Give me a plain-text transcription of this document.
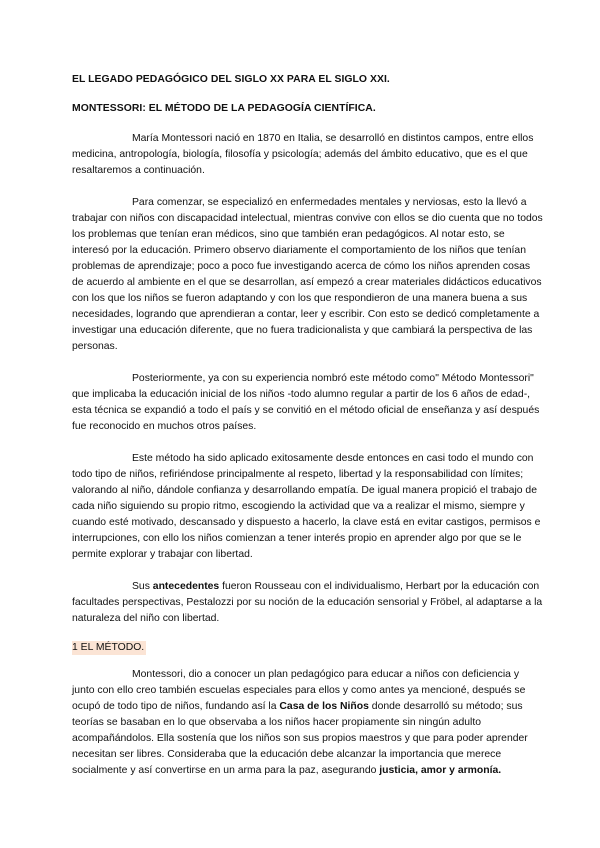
EL LEGADO PEDAGÓGICO DEL SIGLO XX PARA EL SIGLO XXI.
MONTESSORI: EL MÉTODO DE LA PEDAGOGÍA CIENTÍFICA.

María Montessori nació en 1870 en Italia, se desarrolló en distintos campos, entre ellos medicina, antropología, biología, filosofía y psicología; además del ámbito educativo, que es el que resaltaremos a continuación.

Para comenzar, se especializó en enfermedades mentales y nerviosas, esto la llevó a trabajar con niños con discapacidad intelectual, mientras convive con ellos se dio cuenta que no todos los problemas que tenían eran médicos, sino que también eran pedagógicos. Al notar esto, se interesó por la educación. Primero observo diariamente el comportamiento de los niños que tenían problemas de aprendizaje; poco a poco fue investigando acerca de cómo los niños aprenden cosas de acuerdo al ambiente en el que se desarrollan, así empezó a crear materiales didácticos educativos con los que los niños se fueron adaptando y con los que respondieron de una manera buena a sus necesidades, logrando que aprendieran a contar, leer y escribir. Con esto se dedicó completamente a investigar una educación diferente, que no fuera tradicionalista y que cambiará la perspectiva de las personas.

Posteriormente, ya con su experiencia nombró este método como" Método Montessori" que implicaba la educación inicial de los niños -todo alumno regular a partir de los 6 años de edad-, esta técnica se expandió a todo el país y se convitió en el método oficial de enseñanza y así después fue reconocido en muchos otros países.

Este método ha sido aplicado exitosamente desde entonces en casi todo el mundo con todo tipo de niños, refiriéndose principalmente al respeto, libertad y la responsabilidad con límites; valorando al niño, dándole confianza y desarrollando empatía. De igual manera propició el trabajo de cada niño siguiendo su propio ritmo, escogiendo la actividad que va a realizar el mismo, siempre y cuando esté motivado, descansado y dispuesto a hacerlo, la clave está en evitar castigos, permisos e interrupciones, con ello los niños comienzan a tener interés propio en aprender algo por que se le permite explorar y trabajar con libertad.

Sus antecedentes fueron Rousseau con el individualismo, Herbart por la educación con facultades perspectivas, Pestalozzi por su noción de la educación sensorial y Fröbel, al adaptarse a la naturaleza del niño con libertad.

1 EL MÉTODO.

Montessori, dio a conocer un plan pedagógico para educar a niños con deficiencia y junto con ello creo también escuelas especiales para ellos y como antes ya mencioné, después se ocupó de todo tipo de niños, fundando así la Casa de los Niños donde desarrolló su método; sus teorías se basaban en lo que observaba a los niños hacer propiamente sin ningún adulto acompañándolos. Ella sostenía que los niños son sus propios maestros y que para poder aprender necesitan ser libres. Consideraba que la educación debe alcanzar la importancia que merece socialmente y así convertirse en un arma para la paz, asegurando justicia, amor y armonía.
